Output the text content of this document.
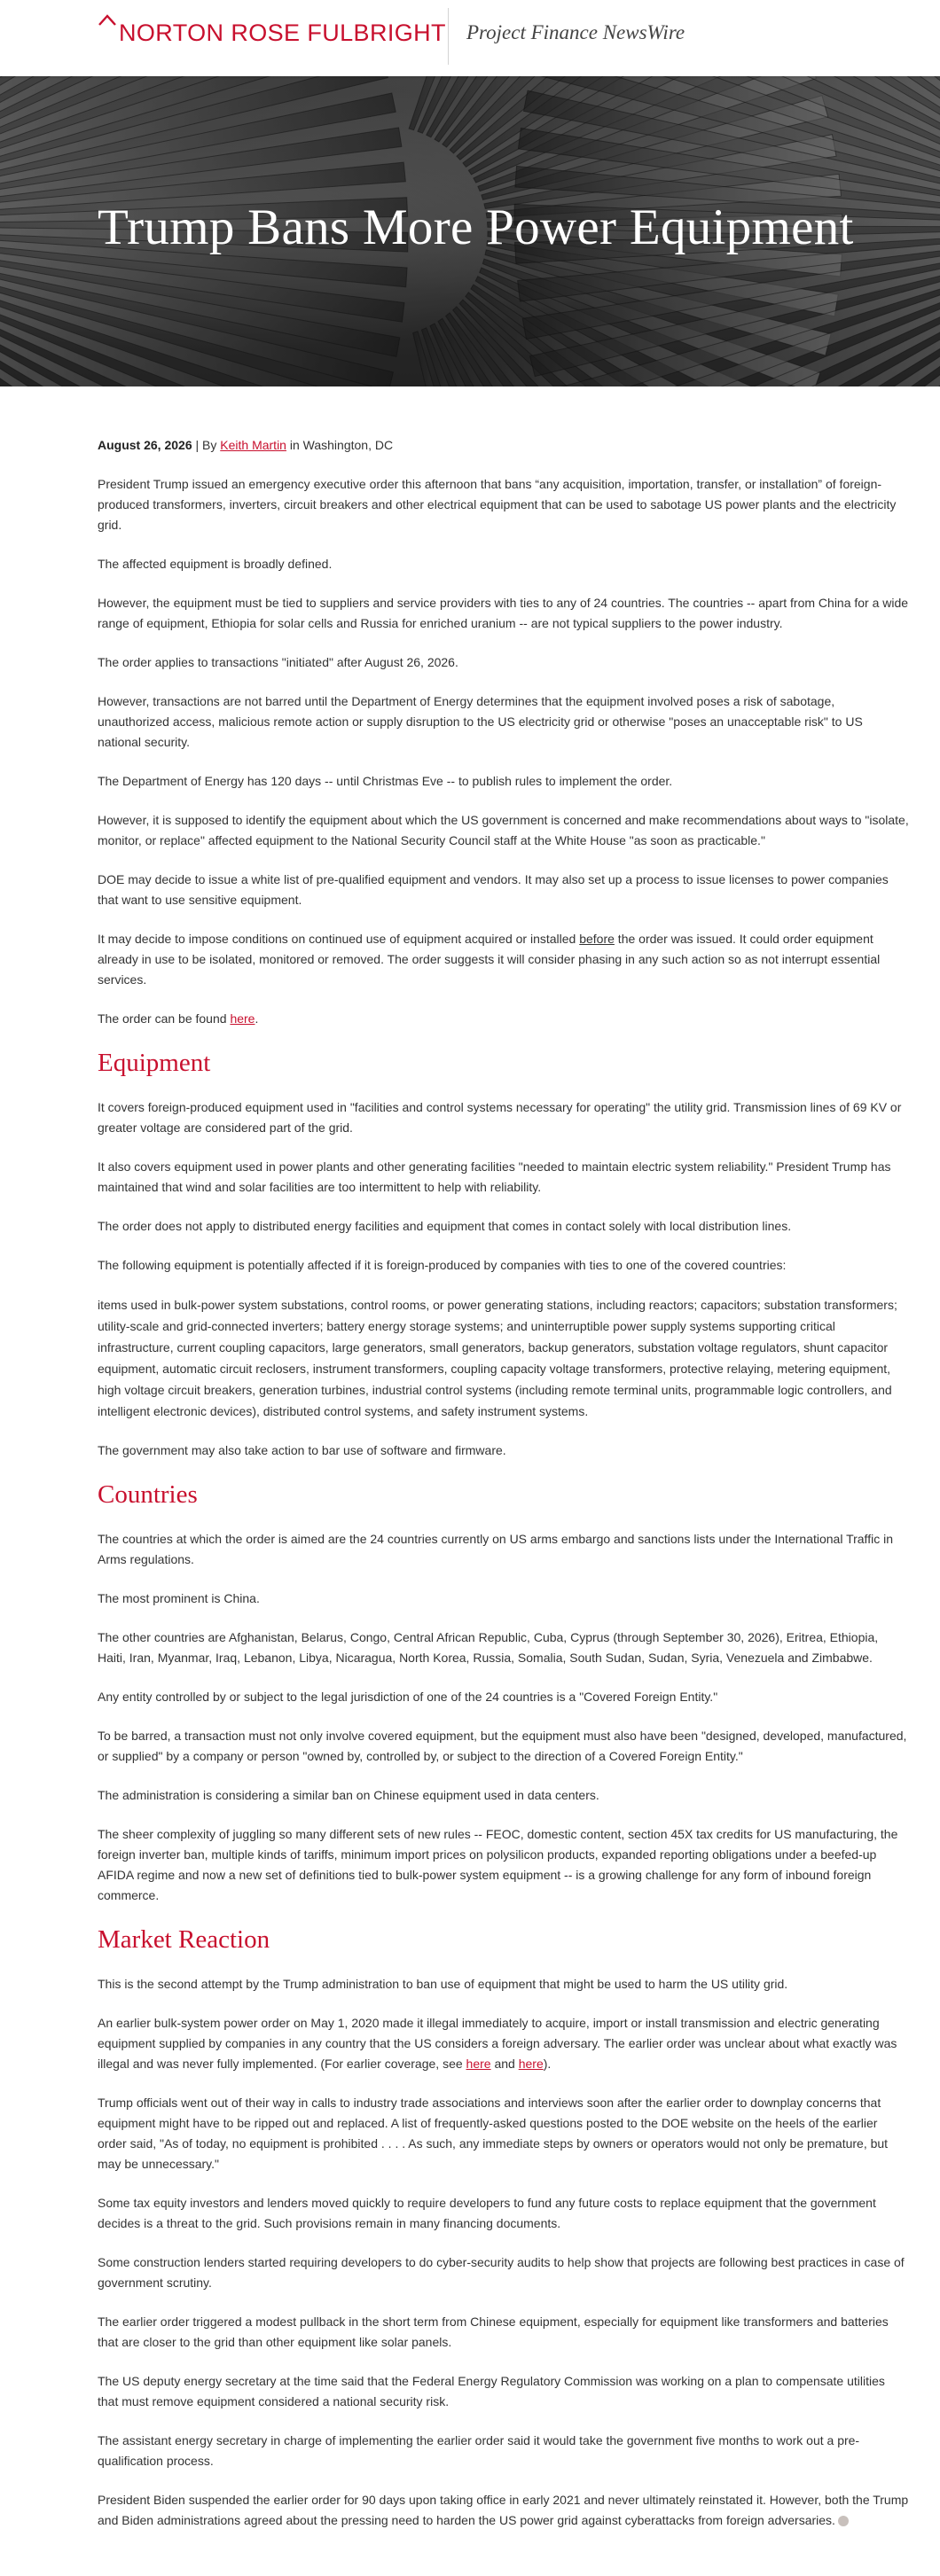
NORTON ROSE FULBRIGHT Project Finance NewsWire
Trump Bans More Power Equipment
August 26, 2026 | By Keith Martin in Washington, DC

President Trump issued an emergency executive order this afternoon that bans “any acquisition, importation, transfer, or installation” of foreign-produced transformers, inverters, circuit breakers and other electrical equipment that can be used to sabotage US power plants and the electricity grid.

The affected equipment is broadly defined.

However, the equipment must be tied to suppliers and service providers with ties to any of 24 countries. The countries -- apart from China for a wide range of equipment, Ethiopia for solar cells and Russia for enriched uranium -- are not typical suppliers to the power industry.

The order applies to transactions "initiated" after August 26, 2026.

However, transactions are not barred until the Department of Energy determines that the equipment involved poses a risk of sabotage, unauthorized access, malicious remote action or supply disruption to the US electricity grid or otherwise "poses an unacceptable risk" to US national security.

The Department of Energy has 120 days -- until Christmas Eve -- to publish rules to implement the order.

However, it is supposed to identify the equipment about which the US government is concerned and make recommendations about ways to "isolate, monitor, or replace" affected equipment to the National Security Council staff at the White House "as soon as practicable."

DOE may decide to issue a white list of pre-qualified equipment and vendors. It may also set up a process to issue licenses to power companies that want to use sensitive equipment.

It may decide to impose conditions on continued use of equipment acquired or installed before the order was issued. It could order equipment already in use to be isolated, monitored or removed. The order suggests it will consider phasing in any such action so as not interrupt essential services.

The order can be found here.

Equipment

It covers foreign-produced equipment used in "facilities and control systems necessary for operating" the utility grid. Transmission lines of 69 KV or greater voltage are considered part of the grid.

It also covers equipment used in power plants and other generating facilities "needed to maintain electric system reliability." President Trump has maintained that wind and solar facilities are too intermittent to help with reliability.

The order does not apply to distributed energy facilities and equipment that comes in contact solely with local distribution lines.

The following equipment is potentially affected if it is foreign-produced by companies with ties to one of the covered countries:

items used in bulk-power system substations, control rooms, or power generating stations, including reactors; capacitors; substation transformers; utility-scale and grid-connected inverters; battery energy storage systems; and uninterruptible power supply systems supporting critical infrastructure, current coupling capacitors, large generators, small generators, backup generators, substation voltage regulators, shunt capacitor equipment, automatic circuit reclosers, instrument transformers, coupling capacity voltage transformers, protective relaying, metering equipment, high voltage circuit breakers, generation turbines, industrial control systems (including remote terminal units, programmable logic controllers, and intelligent electronic devices), distributed control systems, and safety instrument systems.

The government may also take action to bar use of software and firmware.

Countries

The countries at which the order is aimed are the 24 countries currently on US arms embargo and sanctions lists under the International Traffic in Arms regulations.

The most prominent is China.

The other countries are Afghanistan, Belarus, Congo, Central African Republic, Cuba, Cyprus (through September 30, 2026), Eritrea, Ethiopia, Haiti, Iran, Myanmar, Iraq, Lebanon, Libya, Nicaragua, North Korea, Russia, Somalia, South Sudan, Sudan, Syria, Venezuela and Zimbabwe.

Any entity controlled by or subject to the legal jurisdiction of one of the 24 countries is a "Covered Foreign Entity."

To be barred, a transaction must not only involve covered equipment, but the equipment must also have been "designed, developed, manufactured, or supplied" by a company or person "owned by, controlled by, or subject to the direction of a Covered Foreign Entity."

The administration is considering a similar ban on Chinese equipment used in data centers.

The sheer complexity of juggling so many different sets of new rules -- FEOC, domestic content, section 45X tax credits for US manufacturing, the foreign inverter ban, multiple kinds of tariffs, minimum import prices on polysilicon products, expanded reporting obligations under a beefed-up AFIDA regime and now a new set of definitions tied to bulk-power system equipment -- is a growing challenge for any form of inbound foreign commerce.

Market Reaction

This is the second attempt by the Trump administration to ban use of equipment that might be used to harm the US utility grid.

An earlier bulk-system power order on May 1, 2020 made it illegal immediately to acquire, import or install transmission and electric generating equipment supplied by companies in any country that the US considers a foreign adversary. The earlier order was unclear about what exactly was illegal and was never fully implemented. (For earlier coverage, see here and here).

Trump officials went out of their way in calls to industry trade associations and interviews soon after the earlier order to downplay concerns that equipment might have to be ripped out and replaced. A list of frequently-asked questions posted to the DOE website on the heels of the earlier order said, "As of today, no equipment is prohibited . . . . As such, any immediate steps by owners or operators would not only be premature, but may be unnecessary."

Some tax equity investors and lenders moved quickly to require developers to fund any future costs to replace equipment that the government decides is a threat to the grid. Such provisions remain in many financing documents.

Some construction lenders started requiring developers to do cyber-security audits to help show that projects are following best practices in case of government scrutiny.

The earlier order triggered a modest pullback in the short term from Chinese equipment, especially for equipment like transformers and batteries that are closer to the grid than other equipment like solar panels.

The US deputy energy secretary at the time said that the Federal Energy Regulatory Commission was working on a plan to compensate utilities that must remove equipment considered a national security risk.

The assistant energy secretary in charge of implementing the earlier order said it would take the government five months to work out a pre-qualification process.

President Biden suspended the earlier order for 90 days upon taking office in early 2021 and never ultimately reinstated it. However, both the Trump and Biden administrations agreed about the pressing need to harden the US power grid against cyberattacks from foreign adversaries.
